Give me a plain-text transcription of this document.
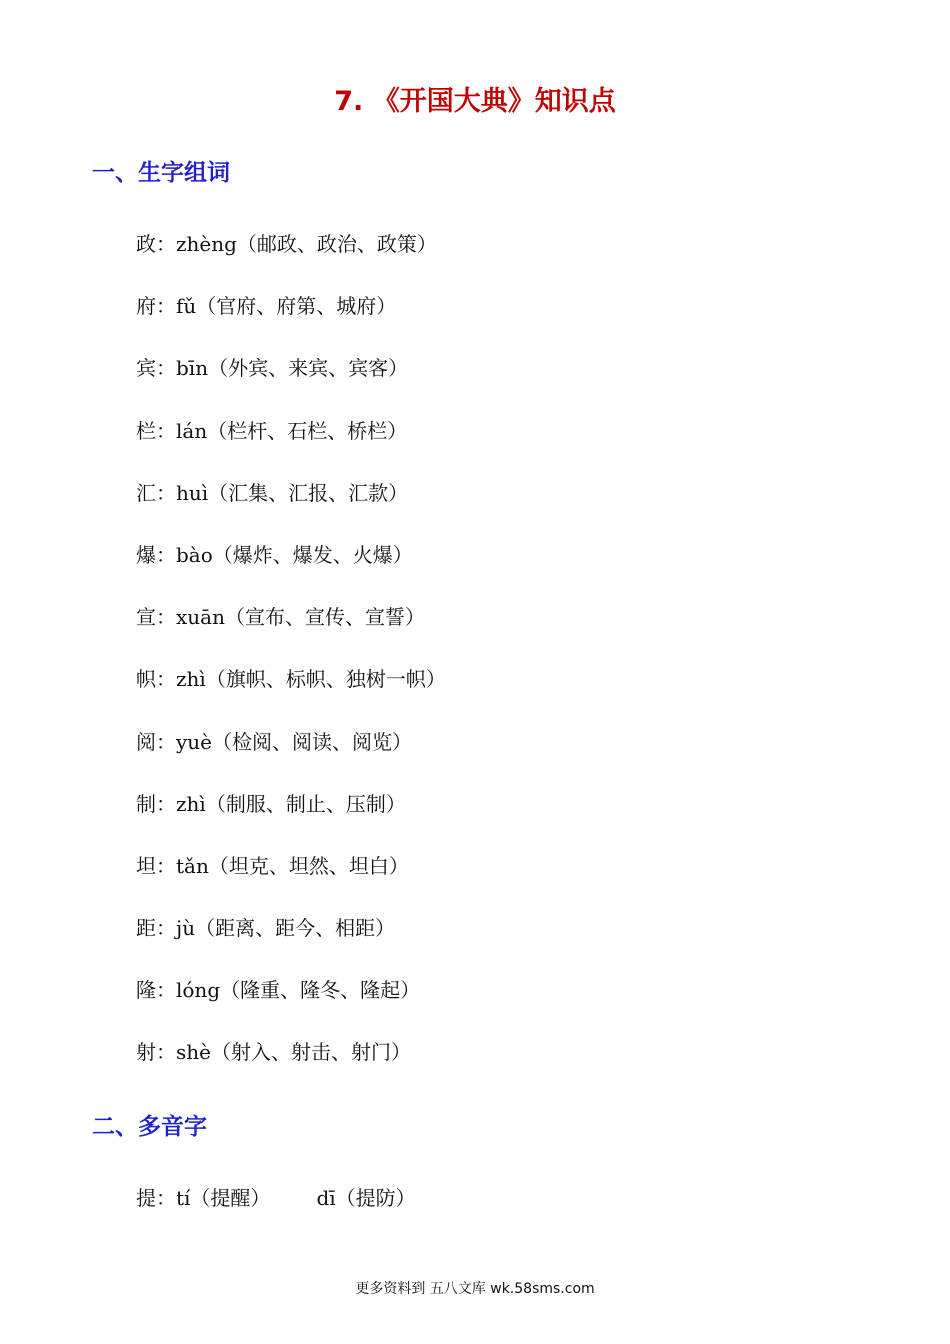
7. 《开国大典》知识点
一、生字组词
政：zhèng（邮政、政治、政策）
府：fǔ（官府、府第、城府）
宾：bīn（外宾、来宾、宾客）
栏：lán（栏杆、石栏、桥栏）
汇：huì（汇集、汇报、汇款）
爆：bào（爆炸、爆发、火爆）
宣：xuān（宣布、宣传、宣誓）
帜：zhì（旗帜、标帜、独树一帜）
阅：yuè（检阅、阅读、阅览）
制：zhì（制服、制止、压制）
坦：tǎn（坦克、坦然、坦白）
距：jù（距离、距今、相距）
隆：lóng（隆重、隆冬、隆起）
射：shè（射入、射击、射门）
二、多音字
提：tí（提醒） dī（提防）
更多资料到 五八文库 wk.58sms.com
